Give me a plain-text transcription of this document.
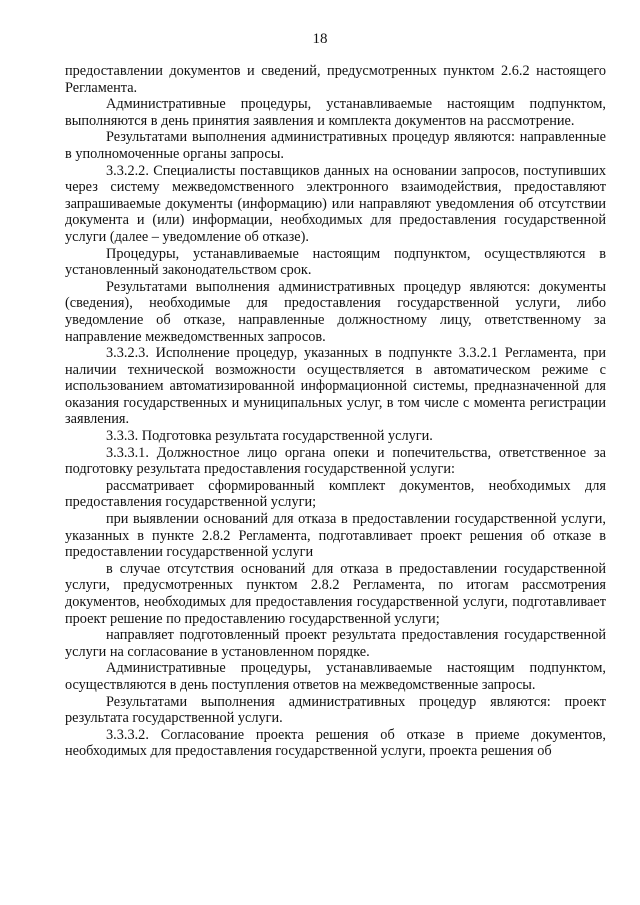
18

предоставлении документов и сведений, предусмотренных пунктом 2.6.2 настоящего Регламента.

Административные процедуры, устанавливаемые настоящим подпунктом, выполняются в день принятия заявления и комплекта документов на рассмотрение.

Результатами выполнения административных процедур являются: направленные в уполномоченные органы запросы.

3.3.2.2. Специалисты поставщиков данных на основании запросов, поступивших через систему межведомственного электронного взаимодействия, предоставляют запрашиваемые документы (информацию) или направляют уведомления об отсутствии документа и (или) информации, необходимых для предоставления государственной услуги (далее – уведомление об отказе).

Процедуры, устанавливаемые настоящим подпунктом, осуществляются в установленный законодательством срок.

Результатами выполнения административных процедур являются: документы (сведения), необходимые для предоставления государственной услуги, либо уведомление об отказе, направленные должностному лицу, ответственному за направление межведомственных запросов.

3.3.2.3. Исполнение процедур, указанных в подпункте 3.3.2.1 Регламента, при наличии технической возможности осуществляется в автоматическом режиме с использованием автоматизированной информационной системы, предназначенной для оказания государственных и муниципальных услуг, в том числе с момента регистрации заявления.

3.3.3. Подготовка результата государственной услуги.

3.3.3.1. Должностное лицо органа опеки и попечительства, ответственное за подготовку результата предоставления государственной услуги:

рассматривает сформированный комплект документов, необходимых для предоставления государственной услуги;

при выявлении оснований для отказа в предоставлении государственной услуги, указанных в пункте 2.8.2 Регламента, подготавливает проект решения об отказе в предоставлении государственной услуги

в случае отсутствия оснований для отказа в предоставлении государственной услуги, предусмотренных пунктом 2.8.2 Регламента, по итогам рассмотрения документов, необходимых для предоставления государственной услуги, подготавливает проект решение по предоставлению государственной услуги;

направляет подготовленный проект результата предоставления государственной услуги на согласование в установленном порядке.

Административные процедуры, устанавливаемые настоящим подпунктом, осуществляются в день поступления ответов на межведомственные запросы.

Результатами выполнения административных процедур являются: проект результата государственной услуги.

3.3.3.2. Согласование проекта решения об отказе в приеме документов, необходимых для предоставления государственной услуги, проекта решения об
